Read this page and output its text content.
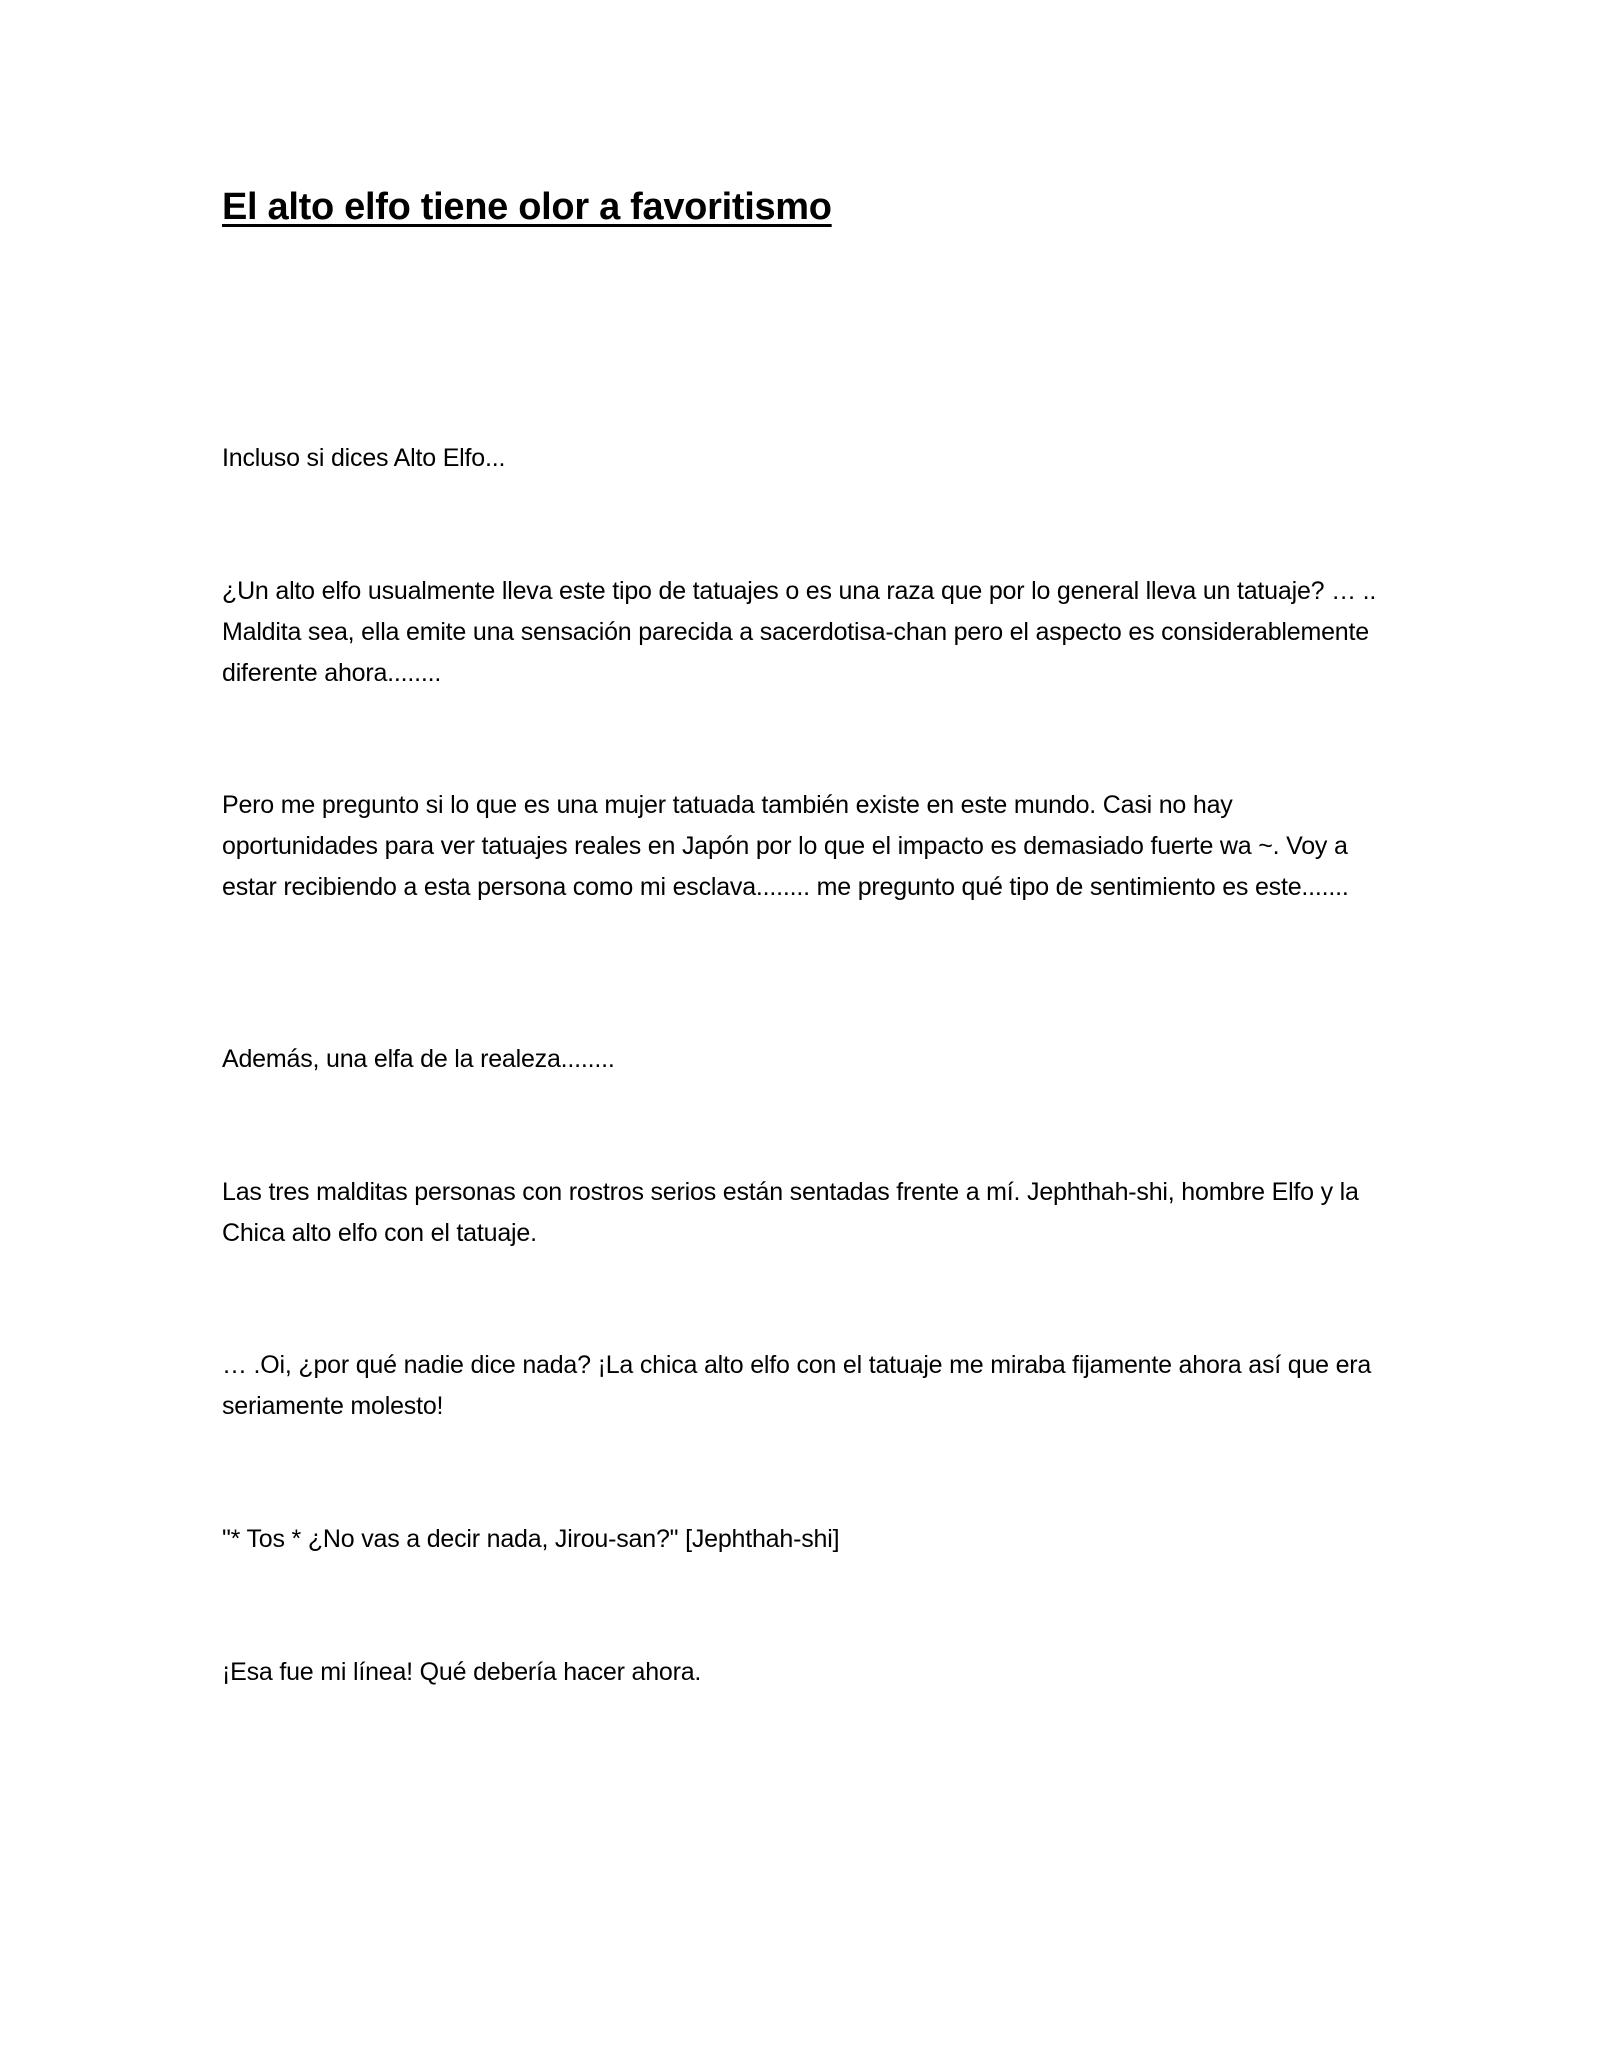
El alto elfo tiene olor a favoritismo

Incluso si dices Alto Elfo...

¿Un alto elfo usualmente lleva este tipo de tatuajes o es una raza que por lo general lleva un tatuaje? … .. Maldita sea, ella emite una sensación parecida a sacerdotisa-chan pero el aspecto es considerablemente diferente ahora........

Pero me pregunto si lo que es una mujer tatuada también existe en este mundo. Casi no hay oportunidades para ver tatuajes reales en Japón por lo que el impacto es demasiado fuerte wa ~. Voy a estar recibiendo a esta persona como mi esclava........ me pregunto qué tipo de sentimiento es este.......

Además, una elfa de la realeza........

Las tres malditas personas con rostros serios están sentadas frente a mí. Jephthah-shi, hombre Elfo y la Chica alto elfo con el tatuaje.

… .Oi, ¿por qué nadie dice nada? ¡La chica alto elfo con el tatuaje me miraba fijamente ahora así que era seriamente molesto!

"* Tos * ¿No vas a decir nada, Jirou-san?" [Jephthah-shi]

¡Esa fue mi línea! Qué debería hacer ahora.
